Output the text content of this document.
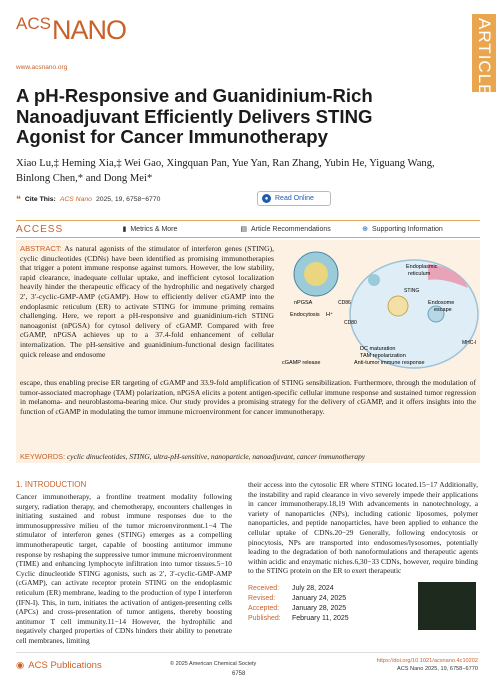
$^{ACS}$NANO
www.acsnano.org	ARTICLE
A pH-Responsive and Guanidinium-Rich Nanoadjuvant Efficiently Delivers STING Agonist for Cancer Immunotherapy
Xiao Lu,‡ Heming Xia,‡ Wei Gao, Xingquan Pan, Yue Yan, Ran Zhang, Yubin He, Yiguang Wang, Binlong Chen,* and Dong Mei*
❝ Cite This: ACS Nano 2025, 19, 6758−6770	● Read Online
ACCESS	▮ Metrics & More	▤ Article Recommendations	⊕ Supporting Information
ABSTRACT: As natural agonists of the stimulator of interferon genes (STING), cyclic dinucleotides (CDNs) have been identified as promising immunotherapies that trigger a potent immune response against tumors. However, the low stability, rapid clearance, inadequate cellular uptake, and inefficient cytosol localization heavily hinder the therapeutic efficacy of the hydrophilic and negatively charged 2′, 3′-cyclic-GMP-AMP (cGAMP). How to efficiently deliver cGAMP into the endoplasmic reticulum (ER) to activate STING for immune priming remains challenging. Here, we report a pH-responsive and guanidinium-rich STING nanoagonist (nPGSA) for cytosol delivery of cGAMP. Compared with free cGAMP, nPGSA achieves up to a 37.4-fold enhancement of cellular internalization. The pH-sensitive and guanidinium-functional design facilitates quick release and endosome
Endoplasmic
reticulum
STING
nPGSA
Endocytosis H⁺
CD86
CD80
Endosome
escape
MHC-I
DC maturation
TAM repolarization
cGAMP release	Anti-tumor immune response
escape, thus enabling precise ER targeting of cGAMP and 33.9-fold amplification of STING sensibilization. Furthermore, through the modulation of tumor-associated macrophage (TAM) polarization, nPGSA elicits a potent antigen-specific cellular immune response and sustained tumor regression in melanoma- and neuroblastoma-bearing mice. Our study provides a promising strategy for the delivery of cGAMP, and it offers insights into the function of cGAMP in modulating the tumor immune microenvironment for cancer immunotherapy.
KEYWORDS: cyclic dinucleotides, STING, ultra-pH-sensitive, nanoparticle, nanoadjuvant, cancer immunotherapy
1. INTRODUCTION
Cancer immunotherapy, a frontline treatment modality following surgery, radiation therapy, and chemotherapy, encounters challenges in initiating sustained and robust immune responses due to the immunosuppressive milieu of the tumor microenvironment.1−4 The stimulator of interferon genes (STING) emerges as a compelling immunotherapeutic target, capable of boosting antitumor immune response by reshaping the suppressive tumor immune microenvironment (TIME) and enhancing lymphocyte infiltration into tumor tissues.5−10 Cyclic dinucleotide STING agonists, such as 2′, 3′-cyclic-GMP-AMP (cGAMP), can activate receptor protein STING on the endoplasmic reticulum (ER) membrane, leading to the production of type I interferon (IFN-I). This, in turn, initiates the activation of antigen-presenting cells (APCs) and cross-presentation of tumor antigens, thereby boosting antitumor T cell immunity.11−14 However, the hydrophilic and negatively charged properties of CDNs hinders their ability to penetrate cell membranes, limiting
their access into the cytosolic ER where STING located.15−17 Additionally, the instability and rapid clearance in vivo severely impede their applications in cancer immunotherapy.18,19 With advancements in nanotechnology, a variety of nanoparticles (NPs), including cationic liposomes, polymer nanoparticles, and peptide nanoparticles, have been applied to enhance the cellular uptake of CDNs.20−29 Generally, following endocytosis or pinocytosis, NPs are transported into endosomes/lysosomes, potentially leading to the degradation of both nanoformulations and therapeutic agents within acidic and enzymatic niches.6,30−33 CDNs, however, require binding to the STING protein on the ER to exert therapeutic
Received:	July 28, 2024
Revised:	January 24, 2025
Accepted:	January 28, 2025
Published:	February 11, 2025
◉ ACS Publications	© 2025 American Chemical Society
6758
https://doi.org/10.1021/acsnano.4c10202
ACS Nano 2025, 19, 6758−6770
